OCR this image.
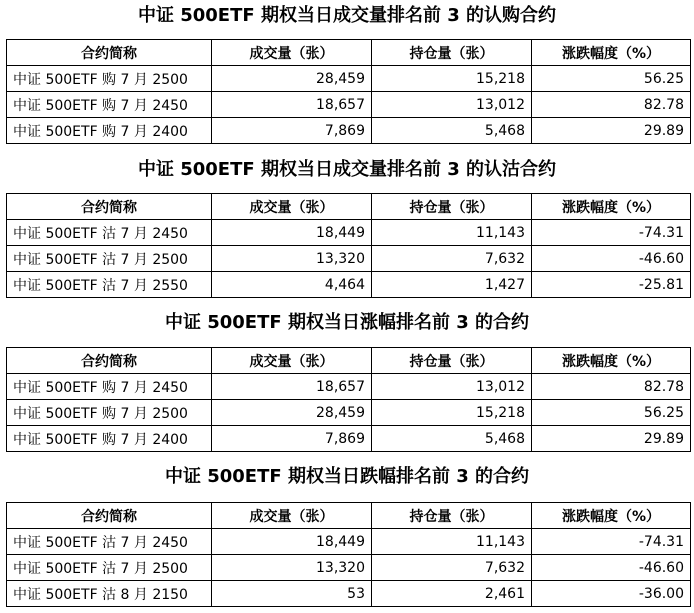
中证 500ETF 期权当日成交量排名前 3 的认购合约
合约简称	成交量（张）	持仓量（张）	涨跌幅度（%）
中证 500ETF 购 7 月 2500	28,459	15,218	56.25
中证 500ETF 购 7 月 2450	18,657	13,012	82.78
中证 500ETF 购 7 月 2400	7,869	5,468	29.89
中证 500ETF 期权当日成交量排名前 3 的认沽合约
合约简称	成交量（张）	持仓量（张）	涨跌幅度（%）
中证 500ETF 沽 7 月 2450	18,449	11,143	-74.31
中证 500ETF 沽 7 月 2500	13,320	7,632	-46.60
中证 500ETF 沽 7 月 2550	4,464	1,427	-25.81
中证 500ETF 期权当日涨幅排名前 3 的合约
合约简称	成交量（张）	持仓量（张）	涨跌幅度（%）
中证 500ETF 购 7 月 2450	18,657	13,012	82.78
中证 500ETF 购 7 月 2500	28,459	15,218	56.25
中证 500ETF 购 7 月 2400	7,869	5,468	29.89
中证 500ETF 期权当日跌幅排名前 3 的合约
合约简称	成交量（张）	持仓量（张）	涨跌幅度（%）
中证 500ETF 沽 7 月 2450	18,449	11,143	-74.31
中证 500ETF 沽 7 月 2500	13,320	7,632	-46.60
中证 500ETF 沽 8 月 2150	53	2,461	-36.00
